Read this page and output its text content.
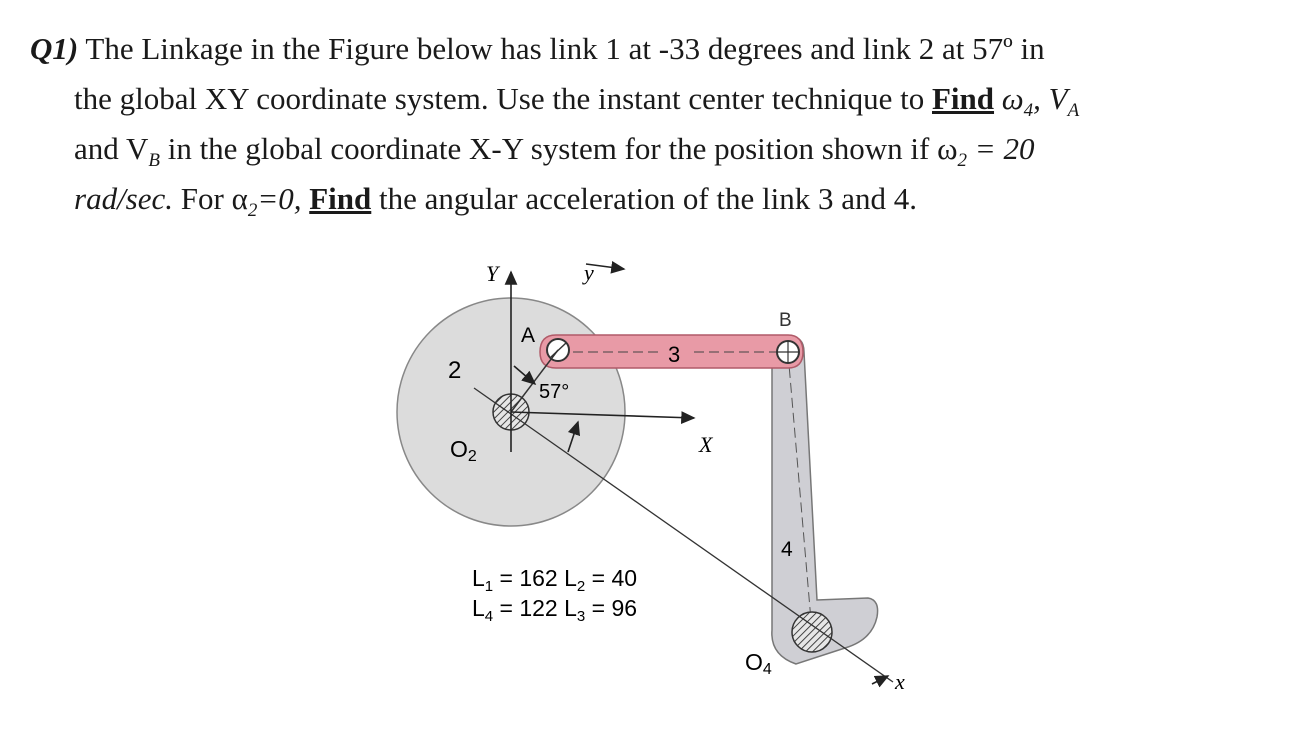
Q1) The Linkage in the Figure below has link 1 at -33 degrees and link 2 at 57º in
the global XY coordinate system. Use the instant center technique to Find $\omega_4$, $V_A$
and $V_B$ in the global coordinate X-Y system for the position shown if $\omega_2 = 20$
rad/sec. For $\alpha_2=0$, Find the angular acceleration of the link 3 and 4.
Y	y
X
x
A
B
2
3
4
57°
O2
O4
$L_1 = 162$ $L_2 = 40$
$L_4 = 122$ $L_3 = 96$
